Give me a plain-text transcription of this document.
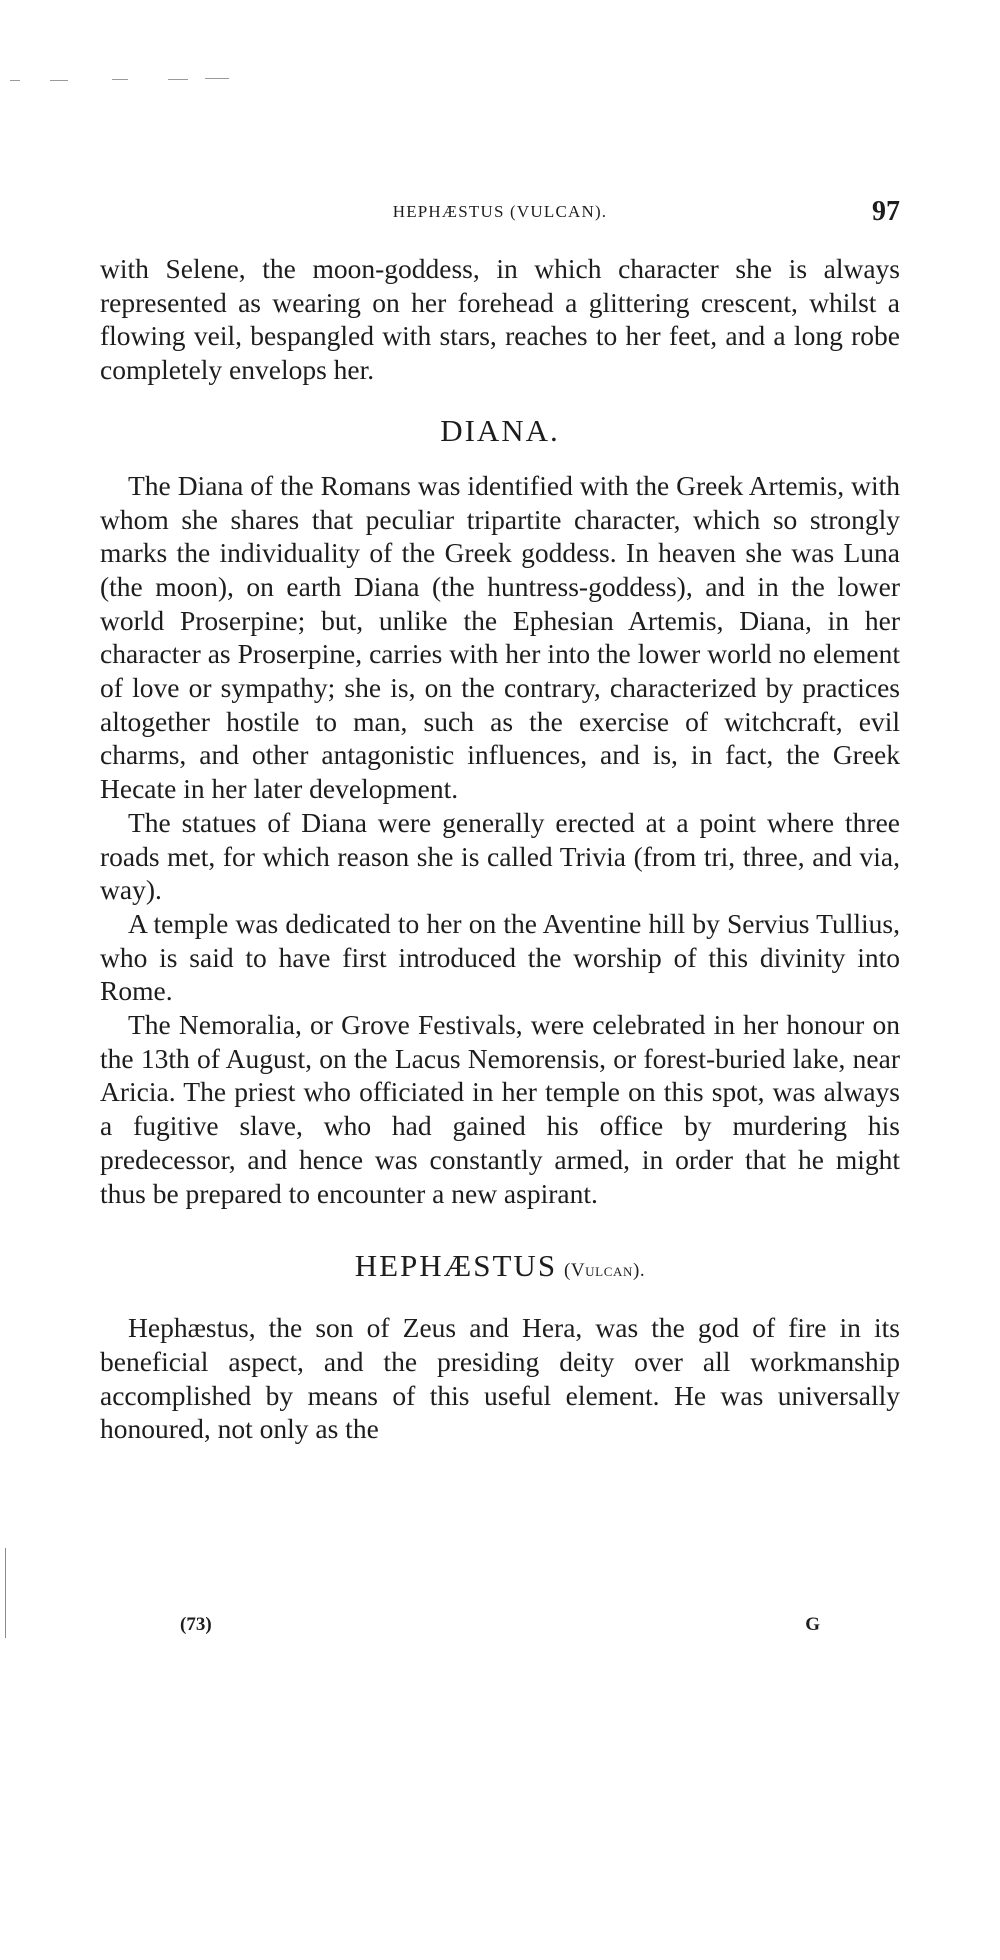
HEPHÆSTUS (VULCAN).	97

with Selene, the moon-goddess, in which character she is always represented as wearing on her forehead a glittering crescent, whilst a flowing veil, bespangled with stars, reaches to her feet, and a long robe completely envelops her.

DIANA.

The Diana of the Romans was identified with the Greek Artemis, with whom she shares that peculiar tripartite character, which so strongly marks the individuality of the Greek goddess. In heaven she was Luna (the moon), on earth Diana (the huntress-goddess), and in the lower world Proserpine; but, unlike the Ephesian Artemis, Diana, in her character as Proserpine, carries with her into the lower world no element of love or sympathy; she is, on the contrary, characterized by practices altogether hostile to man, such as the exercise of witchcraft, evil charms, and other antagonistic influences, and is, in fact, the Greek Hecate in her later development.

The statues of Diana were generally erected at a point where three roads met, for which reason she is called Trivia (from tri, three, and via, way).

A temple was dedicated to her on the Aventine hill by Servius Tullius, who is said to have first introduced the worship of this divinity into Rome.

The Nemoralia, or Grove Festivals, were celebrated in her honour on the 13th of August, on the Lacus Nemorensis, or forest-buried lake, near Aricia. The priest who officiated in her temple on this spot, was always a fugitive slave, who had gained his office by murdering his predecessor, and hence was constantly armed, in order that he might thus be prepared to encounter a new aspirant.

HEPHÆSTUS (Vulcan).

Hephæstus, the son of Zeus and Hera, was the god of fire in its beneficial aspect, and the presiding deity over all workmanship accomplished by means of this useful element. He was universally honoured, not only as the

(73)	G
